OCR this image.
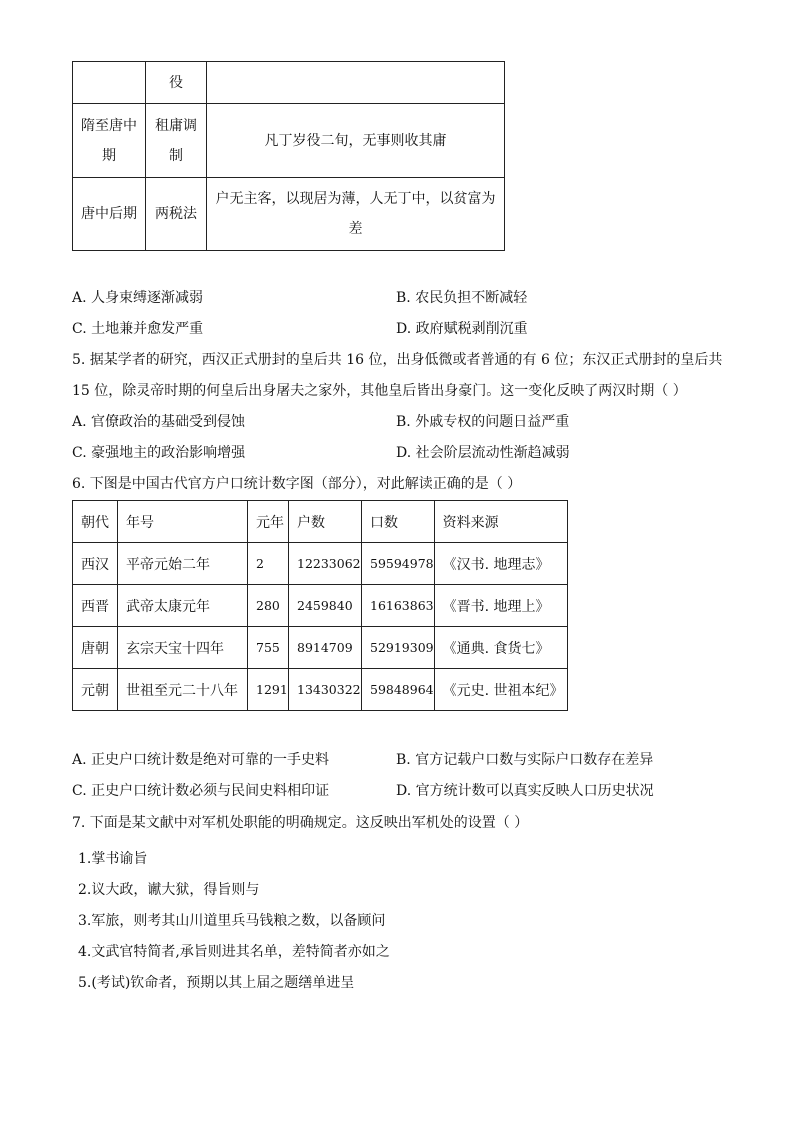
	役	
隋至唐中期	租庸调制	凡丁岁役二旬，无事则收其庸
唐中后期	两税法	户无主客，以现居为薄，人无丁中，以贫富为差
A. 人身束缚逐渐减弱	B. 农民负担不断减轻
C. 土地兼并愈发严重	D. 政府赋税剥削沉重
5. 据某学者的研究，西汉正式册封的皇后共 16 位，出身低微或者普通的有 6 位；东汉正式册封的皇后共
15 位，除灵帝时期的何皇后出身屠夫之家外，其他皇后皆出身豪门。这一变化反映了两汉时期（ ）
A. 官僚政治的基础受到侵蚀	B. 外戚专权的问题日益严重
C. 豪强地主的政治影响增强	D. 社会阶层流动性渐趋减弱
6. 下图是中国古代官方户口统计数字图（部分），对此解读正确的是（ ）
朝代	年号	元年	户数	口数	资料来源
西汉	平帝元始二年	2	12233062	59594978	《汉书. 地理志》
西晋	武帝太康元年	280	2459840	16163863	《晋书. 地理上》
唐朝	玄宗天宝十四年	755	8914709	52919309	《通典. 食货七》
元朝	世祖至元二十八年	1291	13430322	59848964	《元史. 世祖本纪》
A. 正史户口统计数是绝对可靠的一手史料	B. 官方记载户口数与实际户口数存在差异
C. 正史户口统计数必须与民间史料相印证	D. 官方统计数可以真实反映人口历史状况
7. 下面是某文献中对军机处职能的明确规定。这反映出军机处的设置（ ）
1.掌书谕旨
2.议大政，谳大狱，得旨则与
3.军旅，则考其山川道里兵马钱粮之数，以备顾问
4.文武官特简者,承旨则进其名单，差特简者亦如之
5.(考试)钦命者，预期以其上届之题缮单进呈
